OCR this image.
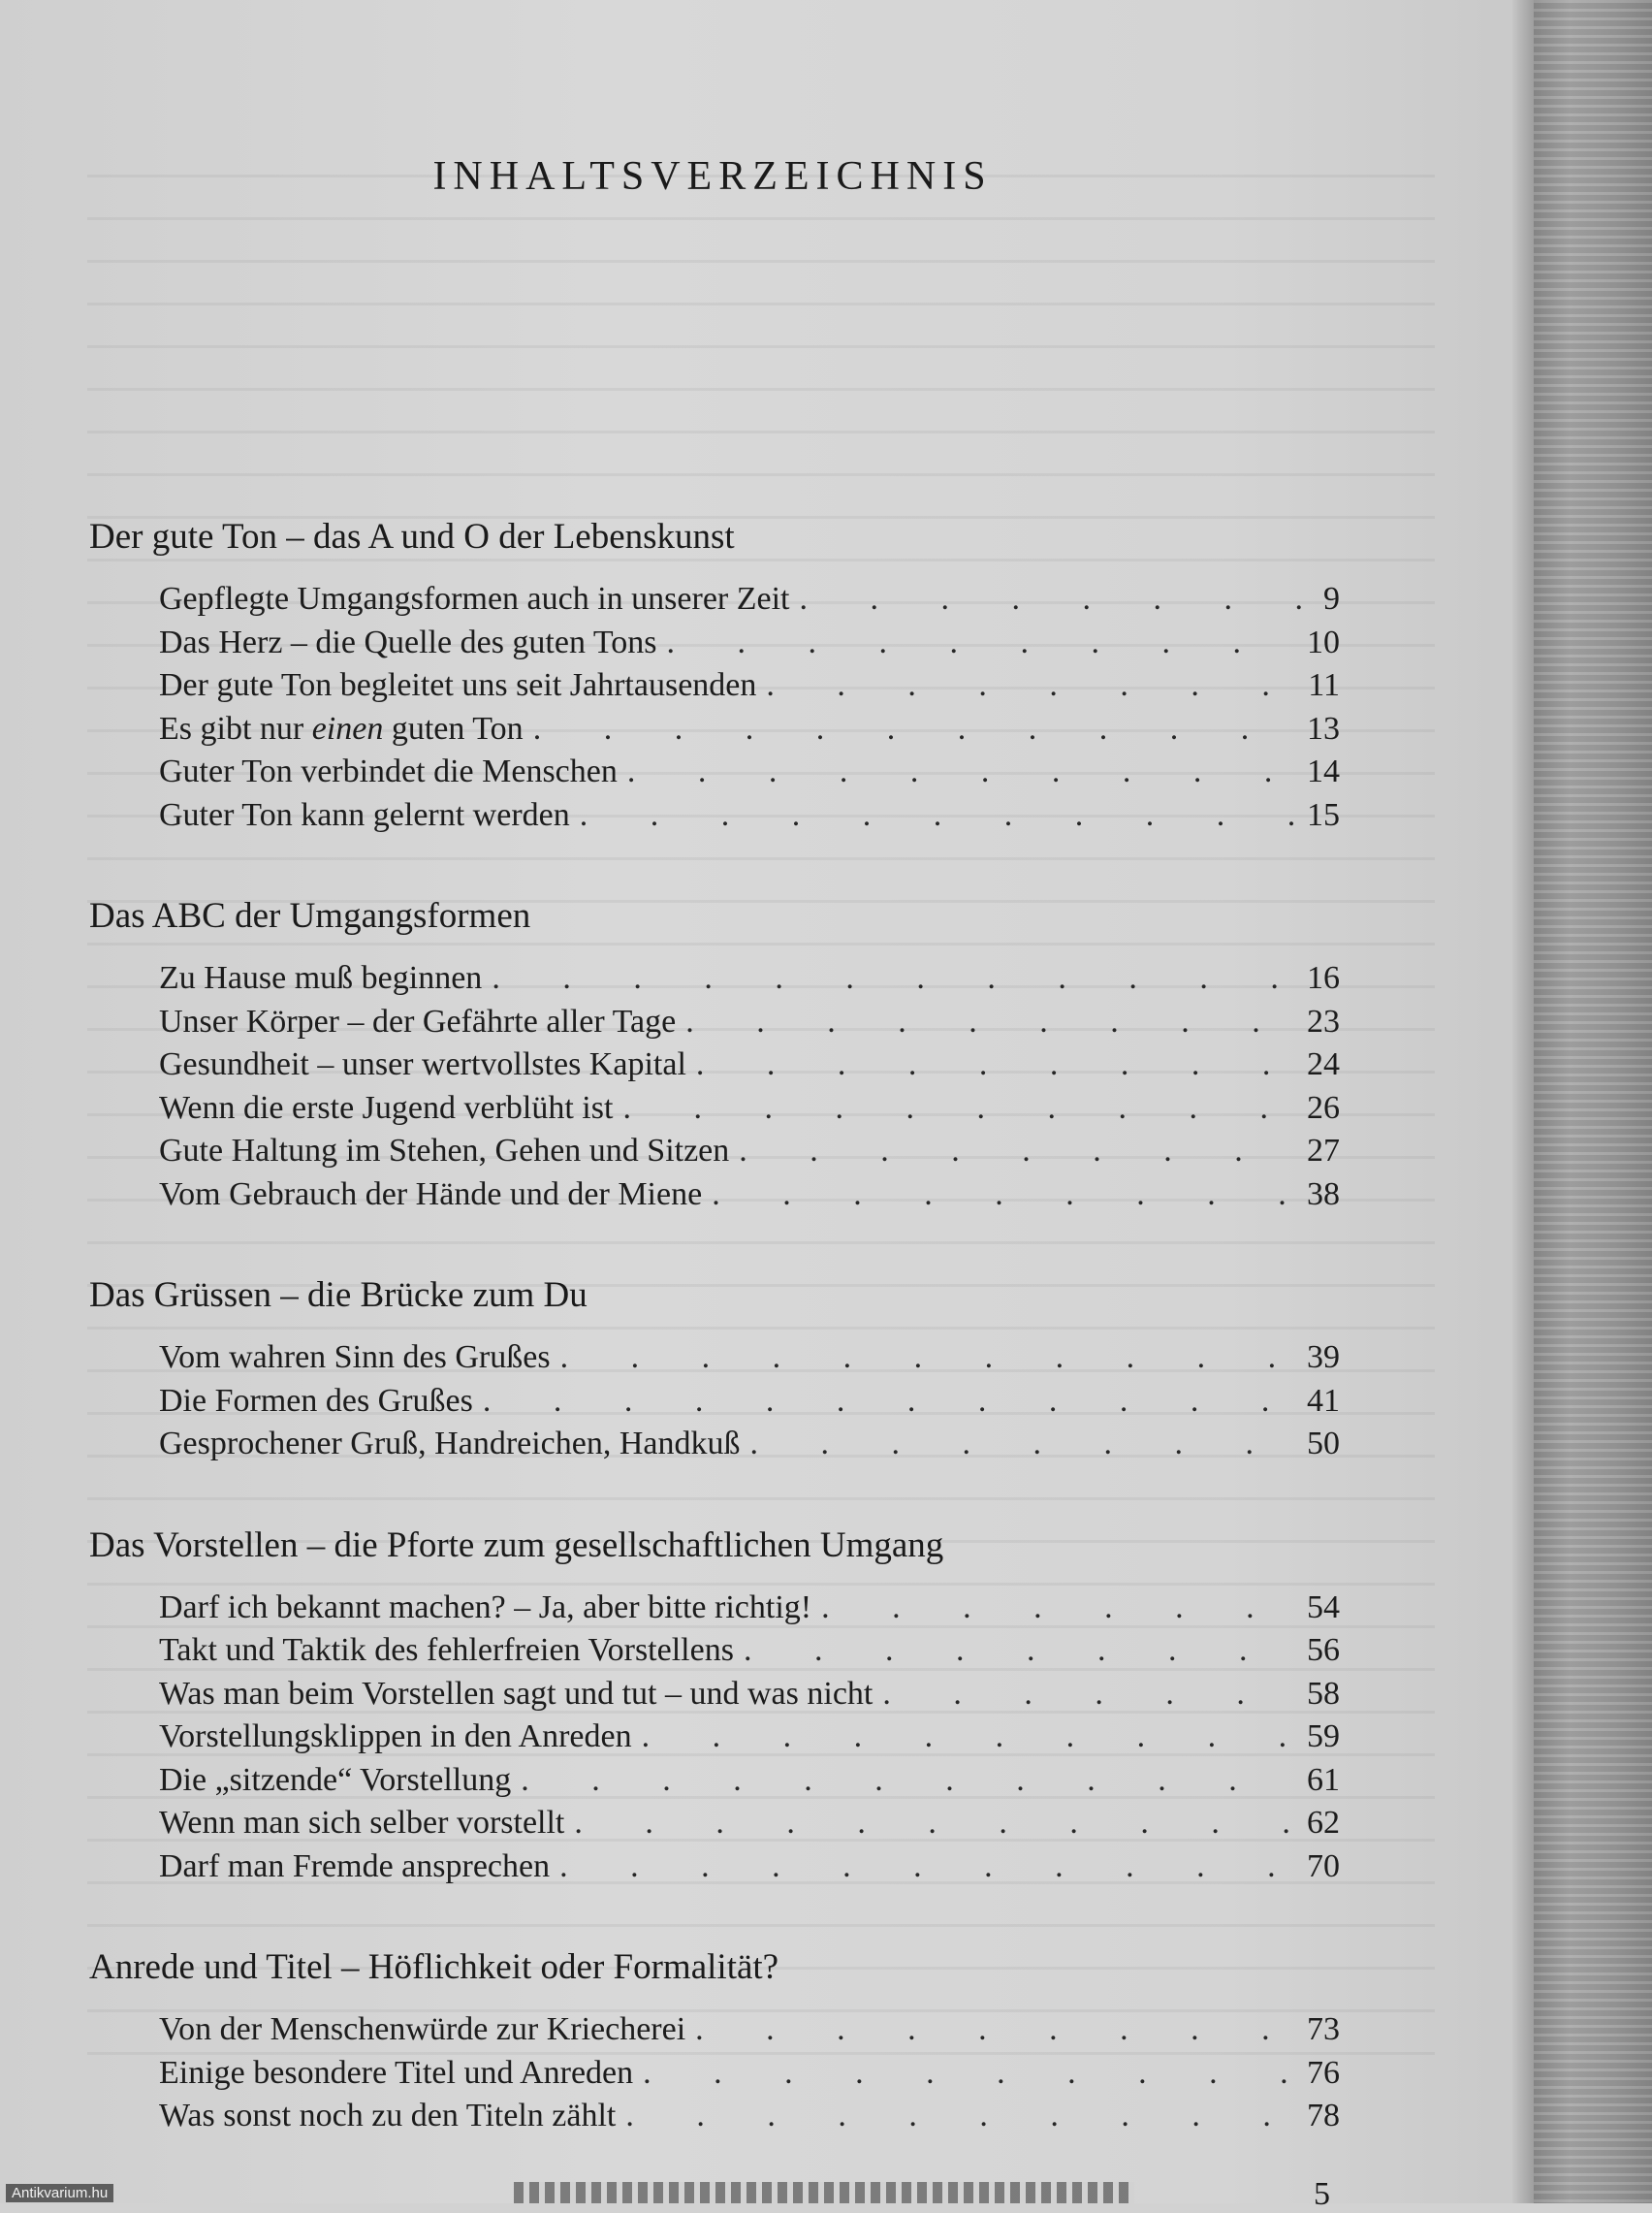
INHALTSVERZEICHNIS
Der gute Ton – das A und O der Lebenskunst
Gepflegte Umgangsformen auch in unserer Zeit . . .	9
Das Herz – die Quelle des guten Tons . . .	10
Der gute Ton begleitet uns seit Jahrtausenden . . .	11
Es gibt nur einen guten Ton . . .	13
Guter Ton verbindet die Menschen . . .	14
Guter Ton kann gelernt werden . . .	15
Das ABC der Umgangsformen
Zu Hause muß beginnen . . .	16
Unser Körper – der Gefährte aller Tage . . .	23
Gesundheit – unser wertvollstes Kapital . . .	24
Wenn die erste Jugend verblüht ist . . .	26
Gute Haltung im Stehen, Gehen und Sitzen . . .	27
Vom Gebrauch der Hände und der Miene . . .	38
Das Grüssen – die Brücke zum Du
Vom wahren Sinn des Grußes . . .	39
Die Formen des Grußes . . .	41
Gesprochener Gruß, Handreichen, Handkuß . . .	50
Das Vorstellen – die Pforte zum gesellschaftlichen Umgang
Darf ich bekannt machen? – Ja, aber bitte richtig! . . .	54
Takt und Taktik des fehlerfreien Vorstellens . . .	56
Was man beim Vorstellen sagt und tut – und was nicht . . .	58
Vorstellungsklippen in den Anreden . . .	59
Die „sitzende“ Vorstellung . . .	61
Wenn man sich selber vorstellt . . .	62
Darf man Fremde ansprechen . . .	70
Anrede und Titel – Höflichkeit oder Formalität?
Von der Menschenwürde zur Kriecherei . . .	73
Einige besondere Titel und Anreden . . .	76
Was sonst noch zu den Titeln zählt . . .	78
5
Antikvarium.hu
